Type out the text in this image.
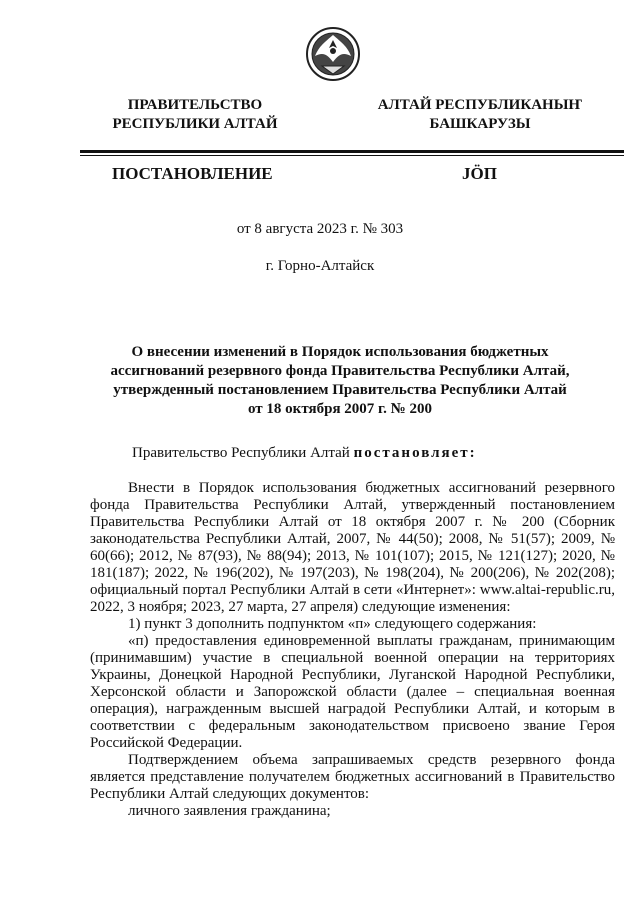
ПРАВИТЕЛЬСТВО
РЕСПУБЛИКИ АЛТАЙ
АЛТАЙ РЕСПУБЛИКАНЫҤ
БАШКАРУЗЫ
ПОСТАНОВЛЕНИЕ	JÖП
от 8 августа 2023 г. № 303
г. Горно-Алтайск
О внесении изменений в Порядок использования бюджетных
ассигнований резервного фонда Правительства Республики Алтай,
утвержденный постановлением Правительства Республики Алтай
от 18 октября 2007 г. № 200
Правительство Республики Алтай постановляет:

Внести в Порядок использования бюджетных ассигнований резервного фонда Правительства Республики Алтай, утвержденный постановлением Правительства Республики Алтай от 18 октября 2007 г. № 200 (Сборник законодательства Республики Алтай, 2007, № 44(50); 2008, № 51(57); 2009, № 60(66); 2012, № 87(93), № 88(94); 2013, № 101(107); 2015, № 121(127); 2020, № 181(187); 2022, № 196(202), № 197(203), № 198(204), № 200(206), № 202(208); официальный портал Республики Алтай в сети «Интернет»: www.altai-republic.ru, 2022, 3 ноября; 2023, 27 марта, 27 апреля) следующие изменения:

1) пункт 3 дополнить подпунктом «п» следующего содержания:

«п) предоставления единовременной выплаты гражданам, принимающим (принимавшим) участие в специальной военной операции на территориях Украины, Донецкой Народной Республики, Луганской Народной Республики, Херсонской области и Запорожской области (далее – специальная военная операция), награжденным высшей наградой Республики Алтай, и которым в соответствии с федеральным законодательством присвоено звание Героя Российской Федерации.

Подтверждением объема запрашиваемых средств резервного фонда является представление получателем бюджетных ассигнований в Правительство Республики Алтай следующих документов:

личного заявления гражданина;
